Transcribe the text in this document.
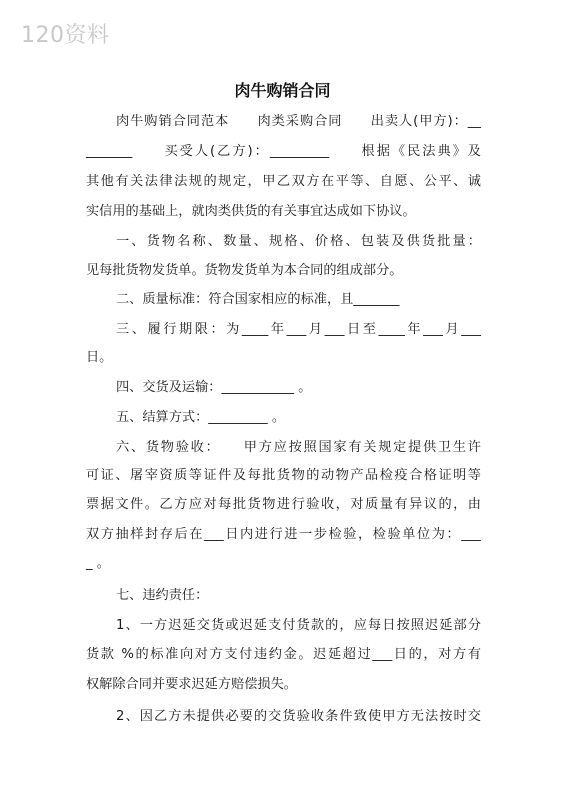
120资料
肉牛购销合同
肉牛购销合同范本　　肉类采购合同　　出卖人(甲方)：__
_______　　买受人(乙方)：_________　　根据《民法典》及
其他有关法律法规的规定，甲乙双方在平等、自愿、公平、诚
实信用的基础上，就肉类供货的有关事宜达成如下协议。
一、货物名称、数量、规格、价格、包装及供货批量：
见每批货物发货单。货物发货单为本合同的组成部分。
二、质量标准：符合国家相应的标准，且_______
三、履行期限：为____年___月___日至____年___月___
日。
四、交货及运输：___________ 。
五、结算方式：_________ 。
六、货物验收：　　甲方应按照国家有关规定提供卫生许
可证、屠宰资质等证件及每批货物的动物产品检疫合格证明等
票据文件。乙方应对每批货物进行验收，对质量有异议的，由
双方抽样封存后在___日内进行进一步检验，检验单位为：___
_ 。
七、违约责任：
1、一方迟延交货或迟延支付货款的，应每日按照迟延部分
货款 %的标准向对方支付违约金。迟延超过___日的，对方有
权解除合同并要求迟延方赔偿损失。
2、因乙方未提供必要的交货验收条件致使甲方无法按时交
